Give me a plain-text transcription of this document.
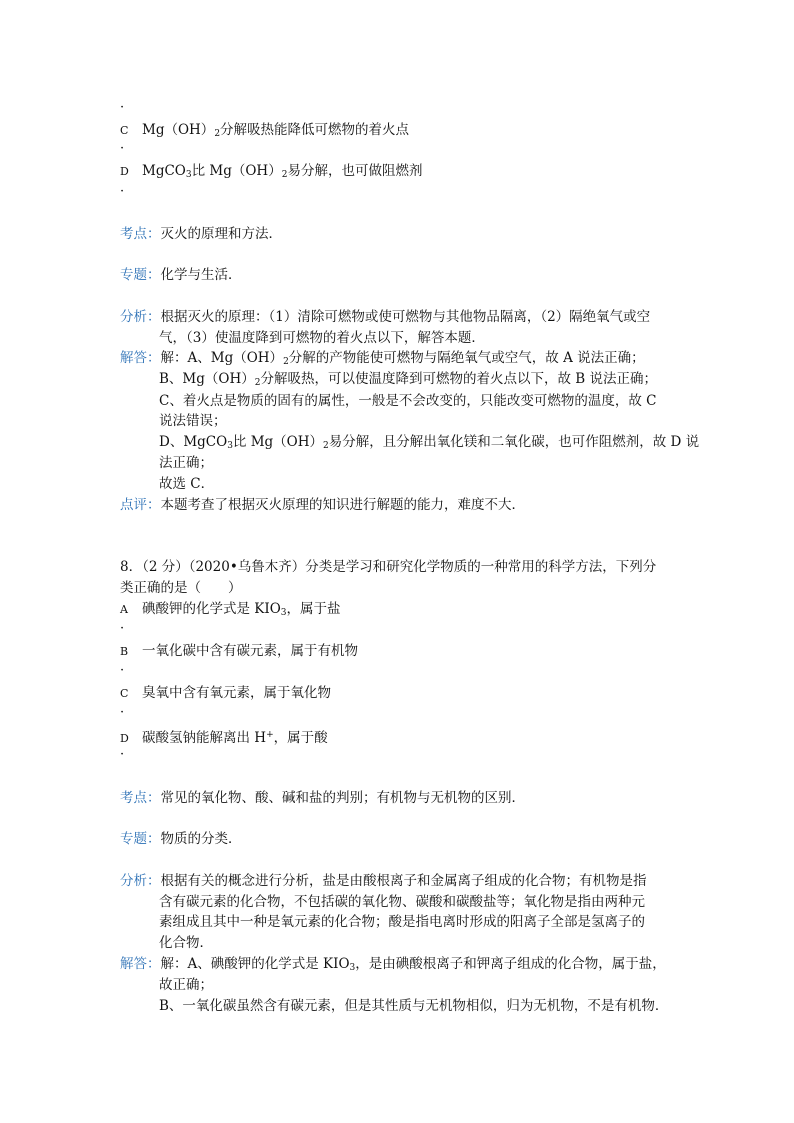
·
C $Mg(OH)_2$分解吸热能降低可燃物的着火点
·
D MgCO$_3$比 $Mg(OH)_2$易分解，也可做阻燃剂
·
考点：灭火的原理和方法．
专题：化学与生活．
分析：根据灭火的原理：（1）清除可燃物或使可燃物与其他物品隔离，（2）隔绝氧气或空
气，（3）使温度降到可燃物的着火点以下，解答本题．
解答：解：A、$Mg(OH)_2$分解的产物能使可燃物与隔绝氧气或空气，故 A 说法正确；
B、$Mg(OH)_2$分解吸热，可以使温度降到可燃物的着火点以下，故 B 说法正确；
C、着火点是物质的固有的属性，一般是不会改变的，只能改变可燃物的温度，故 C
说法错误；
D、MgCO$_3$比 $Mg(OH)_2$易分解，且分解出氧化镁和二氧化碳，也可作阻燃剂，故 D 说
法正确；
故选 C．
点评：本题考查了根据灭火原理的知识进行解题的能力，难度不大．
8．（2 分）（2020•乌鲁木齐）分类是学习和研究化学物质的一种常用的科学方法，下列分
类正确的是（　　）
A 碘酸钾的化学式是 $KIO_3$，属于盐
·
B 一氧化碳中含有碳元素，属于有机物
·
C 臭氧中含有氧元素，属于氧化物
·
D 碳酸氢钠能解离出 H+，属于酸
·
考点：常见的氧化物、酸、碱和盐的判别；有机物与无机物的区别．
专题：物质的分类．
分析：根据有关的概念进行分析，盐是由酸根离子和金属离子组成的化合物；有机物是指
含有碳元素的化合物，不包括碳的氧化物、碳酸和碳酸盐等；氧化物是指由两种元
素组成且其中一种是氧元素的化合物；酸是指电离时形成的阳离子全部是氢离子的
化合物．
解答：解：A、碘酸钾的化学式是 $KIO_3$，是由碘酸根离子和钾离子组成的化合物，属于盐，
故正确；
B、一氧化碳虽然含有碳元素，但是其性质与无机物相似，归为无机物，不是有机物．
